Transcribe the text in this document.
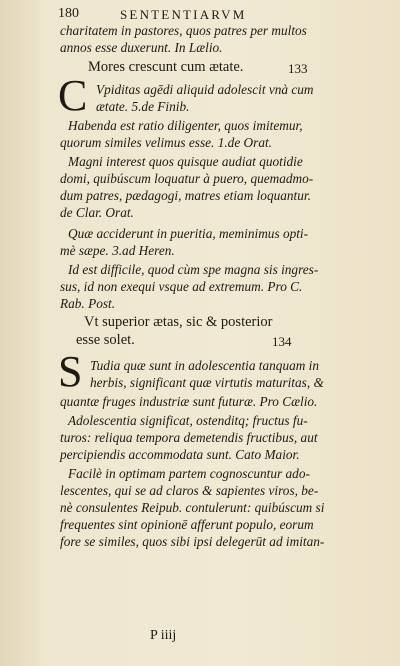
180	SENTENTIARVM
charitatem in pastores, quos patres per multos
annos esse duxerunt. In Lælio.
Mores crescunt cum ætate.	133
C Vpiditas agēdi aliquid adolescit vnà cum
ætate. 5.de Finib.
Habenda est ratio diligenter, quos imitemur,
quorum similes velimus esse. 1.de Orat.
Magni interest quos quisque audiat quotidie
domi, quibúscum loquatur à puero, quemadmo-
dum patres, pædagogi, matres etiam loquantur.
de Clar. Orat.
Quæ acciderunt in pueritia, meminimus opti-
mè sæpe. 3.ad Heren.
Id est difficile, quod cùm spe magna sis ingres-
sus, id non exequi vsque ad extremum. Pro C.
Rab. Post.
Vt superior ætas, sic & posterior
esse solet.	134
S Tudia quæ sunt in adolescentia tanquam in
herbis, significant quæ virtutis maturitas, &
quantæ fruges industriæ sunt futuræ. Pro Cælio.
Adolescentia significat, ostenditq; fructus fu-
turos: reliqua tempora demetendis fructibus, aut
percipiendis accommodata sunt. Cato Maior.
Facilè in optimam partem cognoscuntur ado-
lescentes, qui se ad claros & sapientes viros, be-
nè consulentes Reipub. contulerunt: quibúscum si
frequentes sint opinionē afferunt populo, eorum
fore se similes, quos sibi ipsi delegerūt ad imitan-
P iiij
